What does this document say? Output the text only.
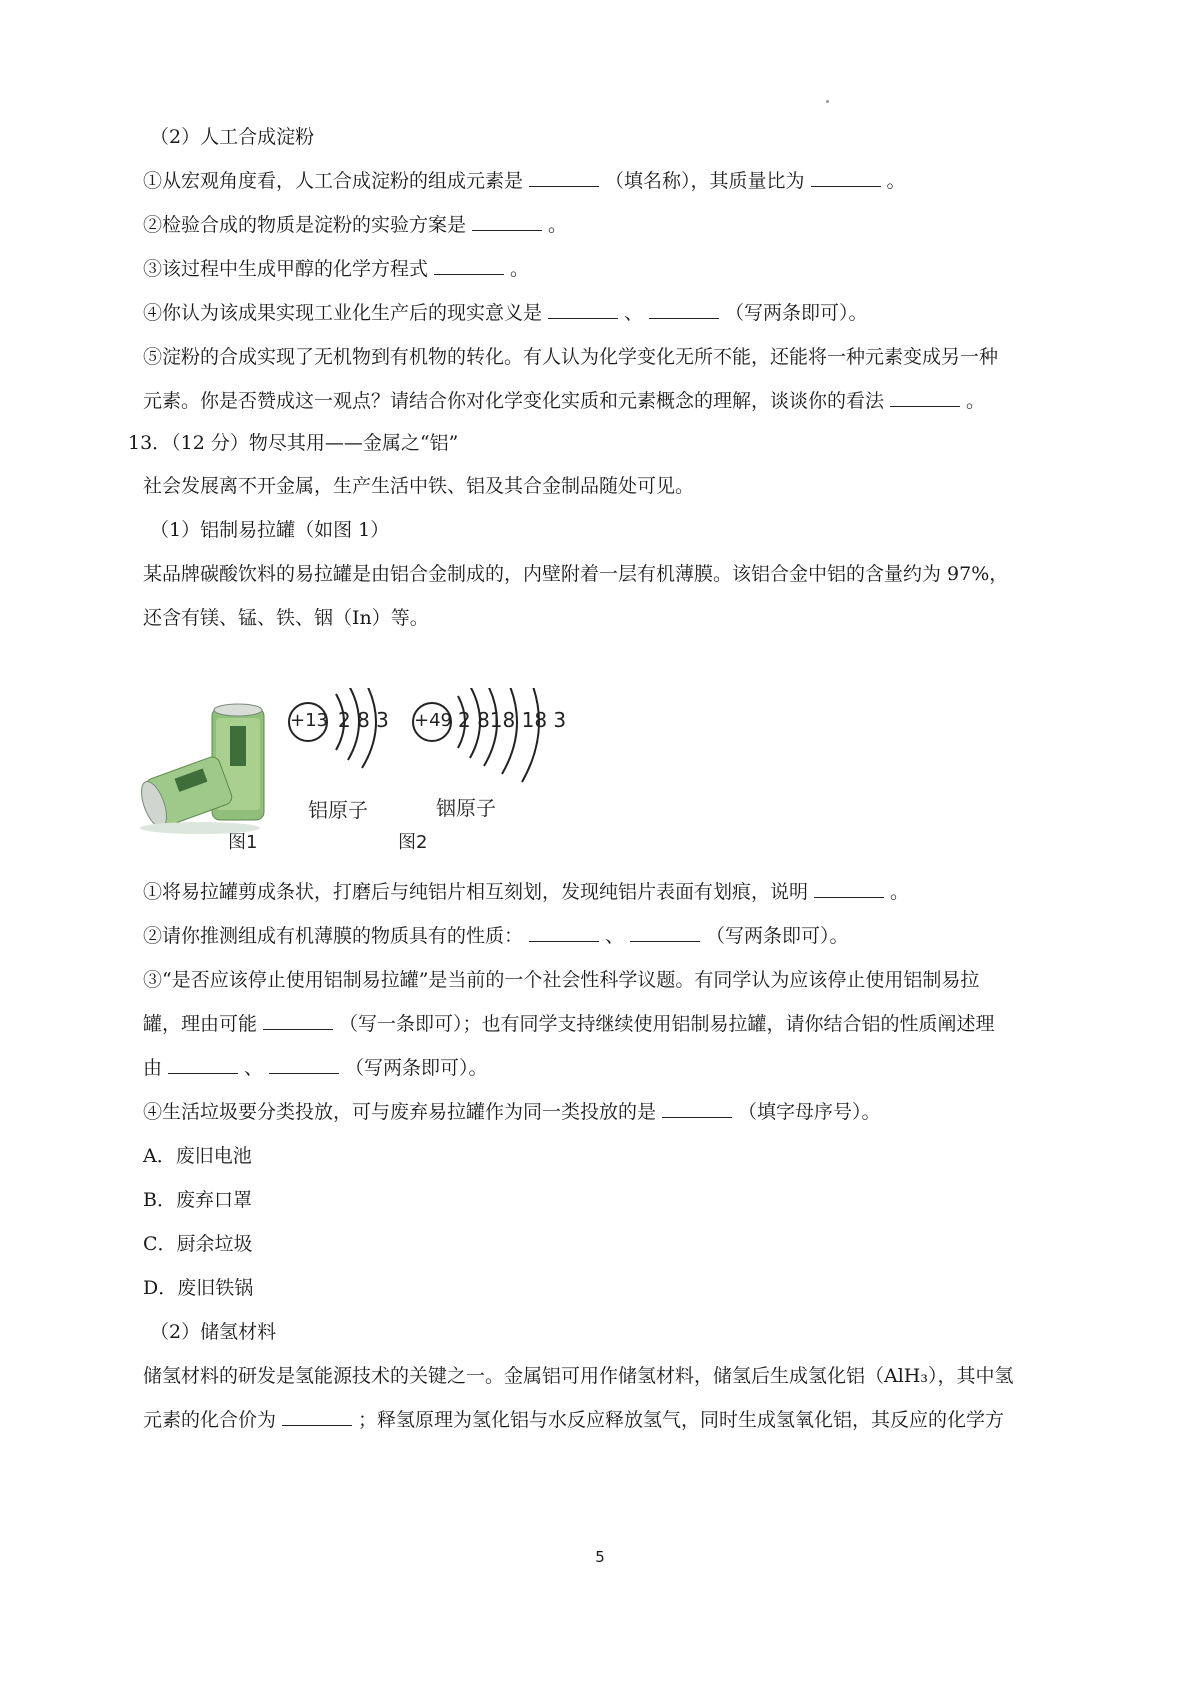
（2）人工合成淀粉
①从宏观角度看，人工合成淀粉的组成元素是	（填名称），其质量比为	。
②检验合成的物质是淀粉的实验方案是	。
③该过程中生成甲醇的化学方程式	。
④你认为该成果实现工业化生产后的现实意义是	、	（写两条即可）。
⑤淀粉的合成实现了无机物到有机物的转化。有人认为化学变化无所不能，还能将一种元素变成另一种
元素。你是否赞成这一观点？请结合你对化学变化实质和元素概念的理解，谈谈你的看法	。
13．（12 分）物尽其用——金属之“铝”
社会发展离不开金属，生产生活中铁、铝及其合金制品随处可见。
（1）铝制易拉罐（如图 1）
某品牌碳酸饮料的易拉罐是由铝合金制成的，内壁附着一层有机薄膜。该铝合金中铝的含量约为 97%，
还含有镁、锰、铁、铟（In）等。
+13 2 8 3 +49 2 818 18 3
铝原子	铟原子
图1	图2
①将易拉罐剪成条状，打磨后与纯铝片相互刻划，发现纯铝片表面有划痕，说明	。
②请你推测组成有机薄膜的物质具有的性质：	、	（写两条即可）。
③“是否应该停止使用铝制易拉罐”是当前的一个社会性科学议题。有同学认为应该停止使用铝制易拉
罐，理由可能	（写一条即可）；也有同学支持继续使用铝制易拉罐，请你结合铝的性质阐述理
由	、	（写两条即可）。
④生活垃圾要分类投放，可与废弃易拉罐作为同一类投放的是	（填字母序号）。
A．废旧电池
B．废弃口罩
C．厨余垃圾
D．废旧铁锅
（2）储氢材料
储氢材料的研发是氢能源技术的关键之一。金属铝可用作储氢材料，储氢后生成氢化铝（AlH₃），其中氢
元素的化合价为	；释氢原理为氢化铝与水反应释放氢气，同时生成氢氧化铝，其反应的化学方
5
